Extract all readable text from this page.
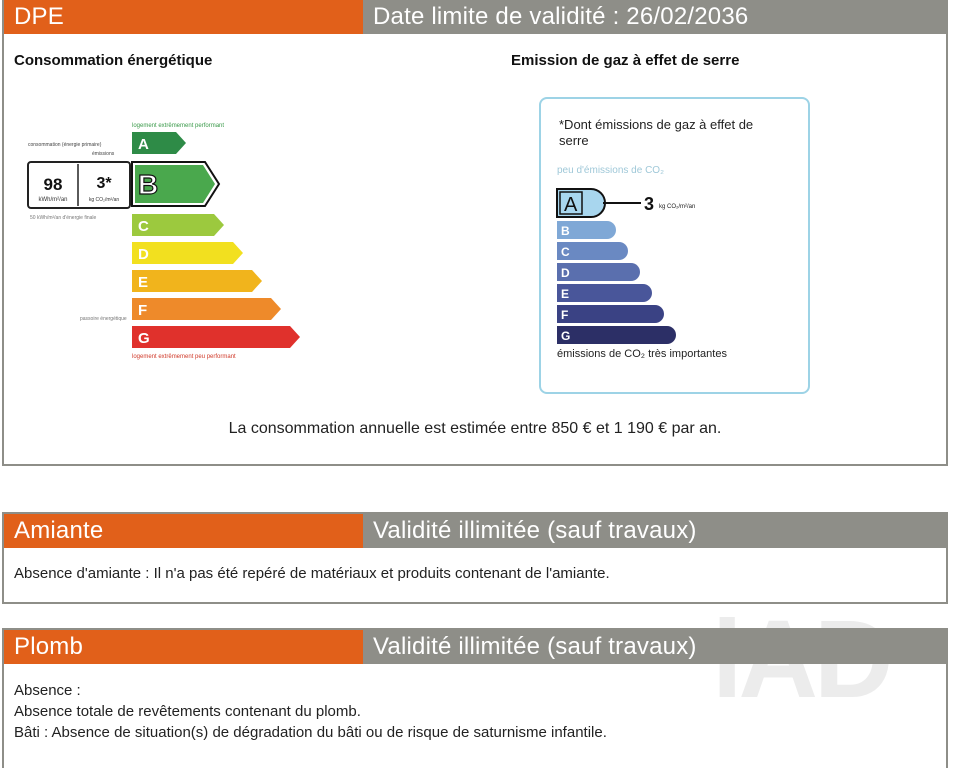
DPE	Date limite de validité : 26/02/2036
Consommation énergétique	Emission de gaz à effet de serre
logement extrêmement performant
consommation (énergie primaire)
émissions
A
B
C
D
E
F
G
98
kWh/m²/an
3*
kg CO₂/m²/an
50 kWh/m²/an d'énergie finale
passoire énergétique
logement extrêmement peu performant
*Dont émissions de gaz à effet de serre
peu d'émissions de CO₂
A
B
C
D
E
F
G
3 kg CO₂/m²/an
émissions de CO₂ très importantes
La consommation annuelle est estimée entre 850 € et 1 190 € par an.
Amiante	Validité illimitée (sauf travaux)
Absence d'amiante : Il n'a pas été repéré de matériaux et produits contenant de l'amiante.
Plomb	Validité illimitée (sauf travaux)
Absence :
Absence totale de revêtements contenant du plomb.
Bâti : Absence de situation(s) de dégradation du bâti ou de risque de saturnisme infantile.
